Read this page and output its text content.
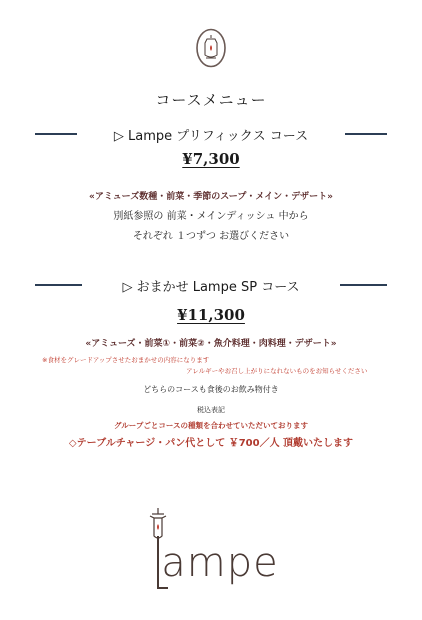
コースメニュー
▷ Lampe プリフィックス コース
¥7,300
«アミューズ数種・前菜・季節のスープ・メイン・デザート»
別紙参照の 前菜・メインディッシュ 中から
それぞれ １つずつ お選びください
▷ おまかせ Lampe SP コース
¥11,300
«アミューズ・前菜①・前菜②・魚介料理・肉料理・デザート»
※食材をグレードアップさせたおまかせの内容になります
アレルギーやお召し上がりになれないものをお知らせください
どちらのコースも食後のお飲み物付き
税込表記
グループごとコースの種類を合わせていただいております
◇テーブルチャージ・パン代として ￥700／人 頂戴いたします
ampe
